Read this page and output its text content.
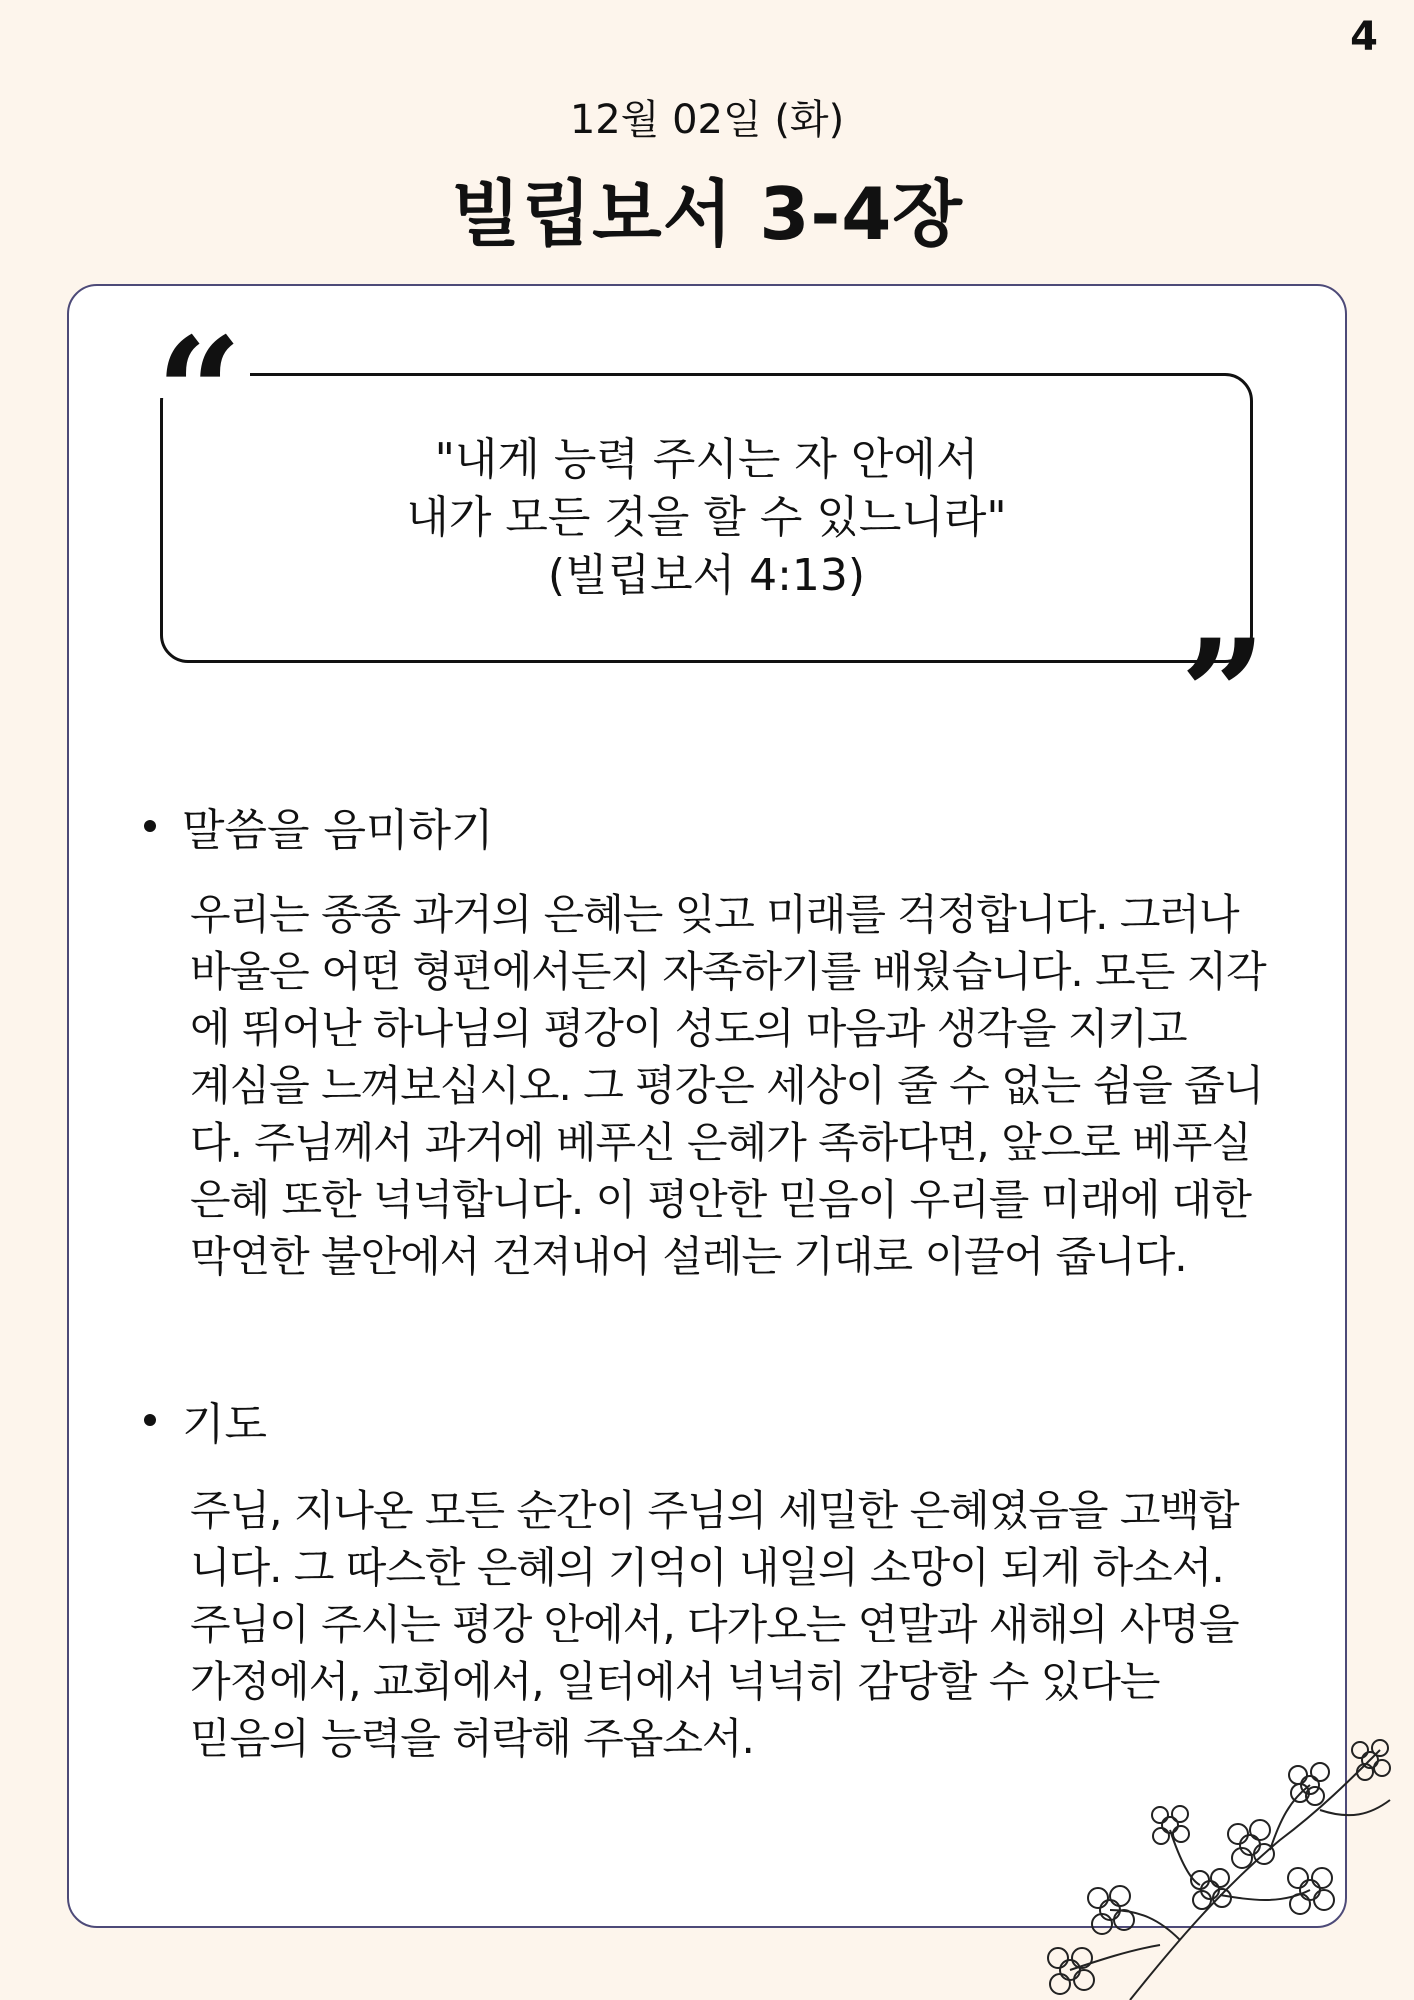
4
12월 02일 (화)
빌립보서 3-4장
"내게 능력 주시는 자 안에서
내가 모든 것을 할 수 있느니라"
(빌립보서 4:13)
“
”
말씀을 음미하기
우리는 종종 과거의 은혜는 잊고 미래를 걱정합니다. 그러나
바울은 어떤 형편에서든지 자족하기를 배웠습니다. 모든 지각
에 뛰어난 하나님의 평강이 성도의 마음과 생각을 지키고
계심을 느껴보십시오. 그 평강은 세상이 줄 수 없는 쉼을 줍니
다. 주님께서 과거에 베푸신 은혜가 족하다면, 앞으로 베푸실
은혜 또한 넉넉합니다. 이 평안한 믿음이 우리를 미래에 대한
막연한 불안에서 건져내어 설레는 기대로 이끌어 줍니다.
기도
주님, 지나온 모든 순간이 주님의 세밀한 은혜였음을 고백합
니다. 그 따스한 은혜의 기억이 내일의 소망이 되게 하소서.
주님이 주시는 평강 안에서, 다가오는 연말과 새해의 사명을
가정에서, 교회에서, 일터에서 넉넉히 감당할 수 있다는
믿음의 능력을 허락해 주옵소서.
